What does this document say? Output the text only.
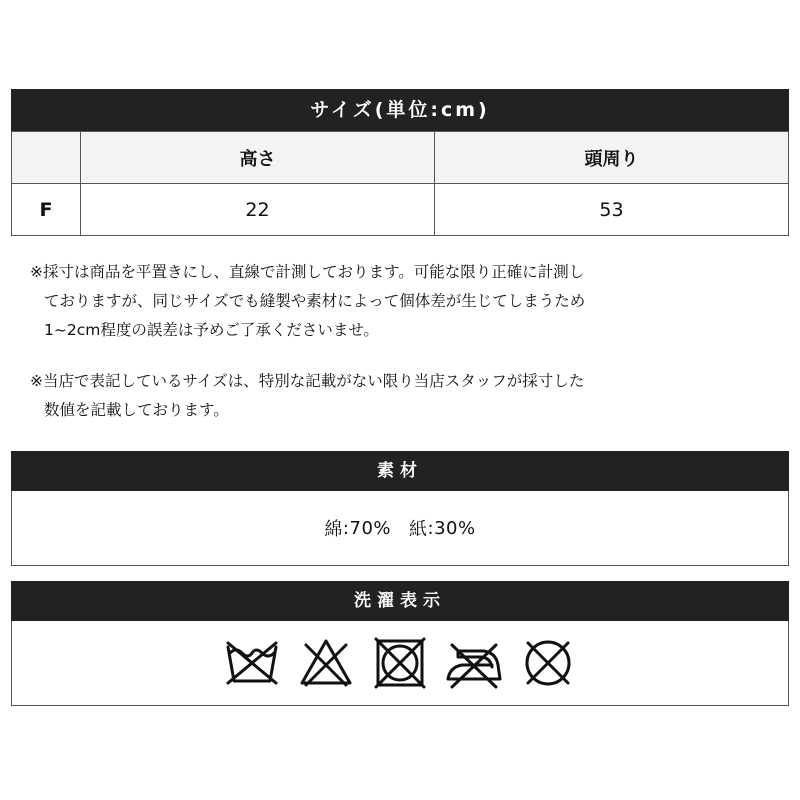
サイズ(単位:cm)
	高さ	頭周り
F	22	53

※採寸は商品を平置きにし、直線で計測しております。可能な限り正確に計測し

ておりますが、同じサイズでも縫製や素材によって個体差が生じてしまうため

1~2cm程度の誤差は予めご了承くださいませ。

※当店で表記しているサイズは、特別な記載がない限り当店スタッフが採寸した

数値を記載しております。

素材
綿 :70% 紙 :30%
洗濯表示
